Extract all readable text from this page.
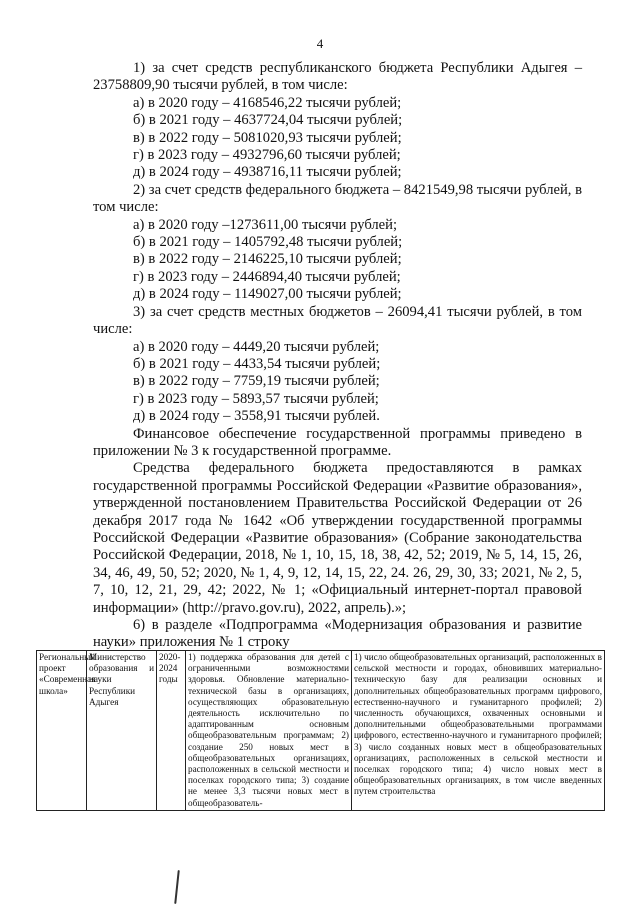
4

1) за счет средств республиканского бюджета Республики Адыгея – 23758809,90 тысячи рублей, в том числе:

а) в 2020 году – 4168546,22 тысячи рублей;

б) в 2021 году – 4637724,04 тысячи рублей;

в) в 2022 году – 5081020,93 тысячи рублей;

г) в 2023 году – 4932796,60 тысячи рублей;

д) в 2024 году – 4938716,11 тысячи рублей;

2) за счет средств федерального бюджета – 8421549,98 тысячи рублей, в том числе:

а) в 2020 году –1273611,00 тысячи рублей;

б) в 2021 году – 1405792,48 тысячи рублей;

в) в 2022 году – 2146225,10 тысячи рублей;

г) в 2023 году – 2446894,40 тысячи рублей;

д) в 2024 году – 1149027,00 тысячи рублей;

3) за счет средств местных бюджетов – 26094,41 тысячи рублей, в том числе:

а) в 2020 году – 4449,20 тысячи рублей;

б) в 2021 году – 4433,54 тысячи рублей;

в) в 2022 году – 7759,19 тысячи рублей;

г) в 2023 году – 5893,57 тысячи рублей;

д) в 2024 году – 3558,91 тысячи рублей.

Финансовое обеспечение государственной программы приведено в приложении № 3 к государственной программе.

Средства федерального бюджета предоставляются в рамках государственной программы Российской Федерации «Развитие образования», утвержденной постановлением Правительства Российской Федерации от 26 декабря 2017 года № 1642 «Об утверждении государственной программы Российской Федерации «Развитие образования» (Собрание законодательства Российской Федерации, 2018, № 1, 10, 15, 18, 38, 42, 52; 2019, № 5, 14, 15, 26, 34, 46, 49, 50, 52; 2020, № 1, 4, 9, 12, 14, 15, 22, 24. 26, 29, 30, 33; 2021, № 2, 5, 7, 10, 12, 21, 29, 42; 2022, № 1; «Официальный интернет-портал правовой информации» (http://pravo.gov.ru), 2022, апрель).»;

6) в разделе «Подпрограмма «Модернизация образования и развитие науки» приложения № 1 строку

Региональный проект «Современная школа»	Министерство образования и науки Республики Адыгея	2020-2024 годы	1) поддержка образования для детей с ограниченными возможностями здоровья. Обновление материально-технической базы в организациях, осуществляющих образовательную деятельность исключительно по адаптированным основным общеобразовательным программам; 2) создание 250 новых мест в общеобразовательных организациях, расположенных в сельской местности и поселках городского типа; 3) создание не менее 3,3 тысячи новых мест в общеобразователь-	1) число общеобразовательных организаций, расположенных в сельской местности и городах, обновивших материально-техническую базу для реализации основных и дополнительных общеобразовательных программ цифрового, естественно-научного и гуманитарного профилей; 2) численность обучающихся, охваченных основными и дополнительными общеобразовательными программами цифрового, естественно-научного и гуманитарного профилей; 3) число созданных новых мест в общеобразовательных организациях, расположенных в сельской местности и поселках городского типа; 4) число новых мест в общеобразовательных организациях, в том числе введенных путем строительства
